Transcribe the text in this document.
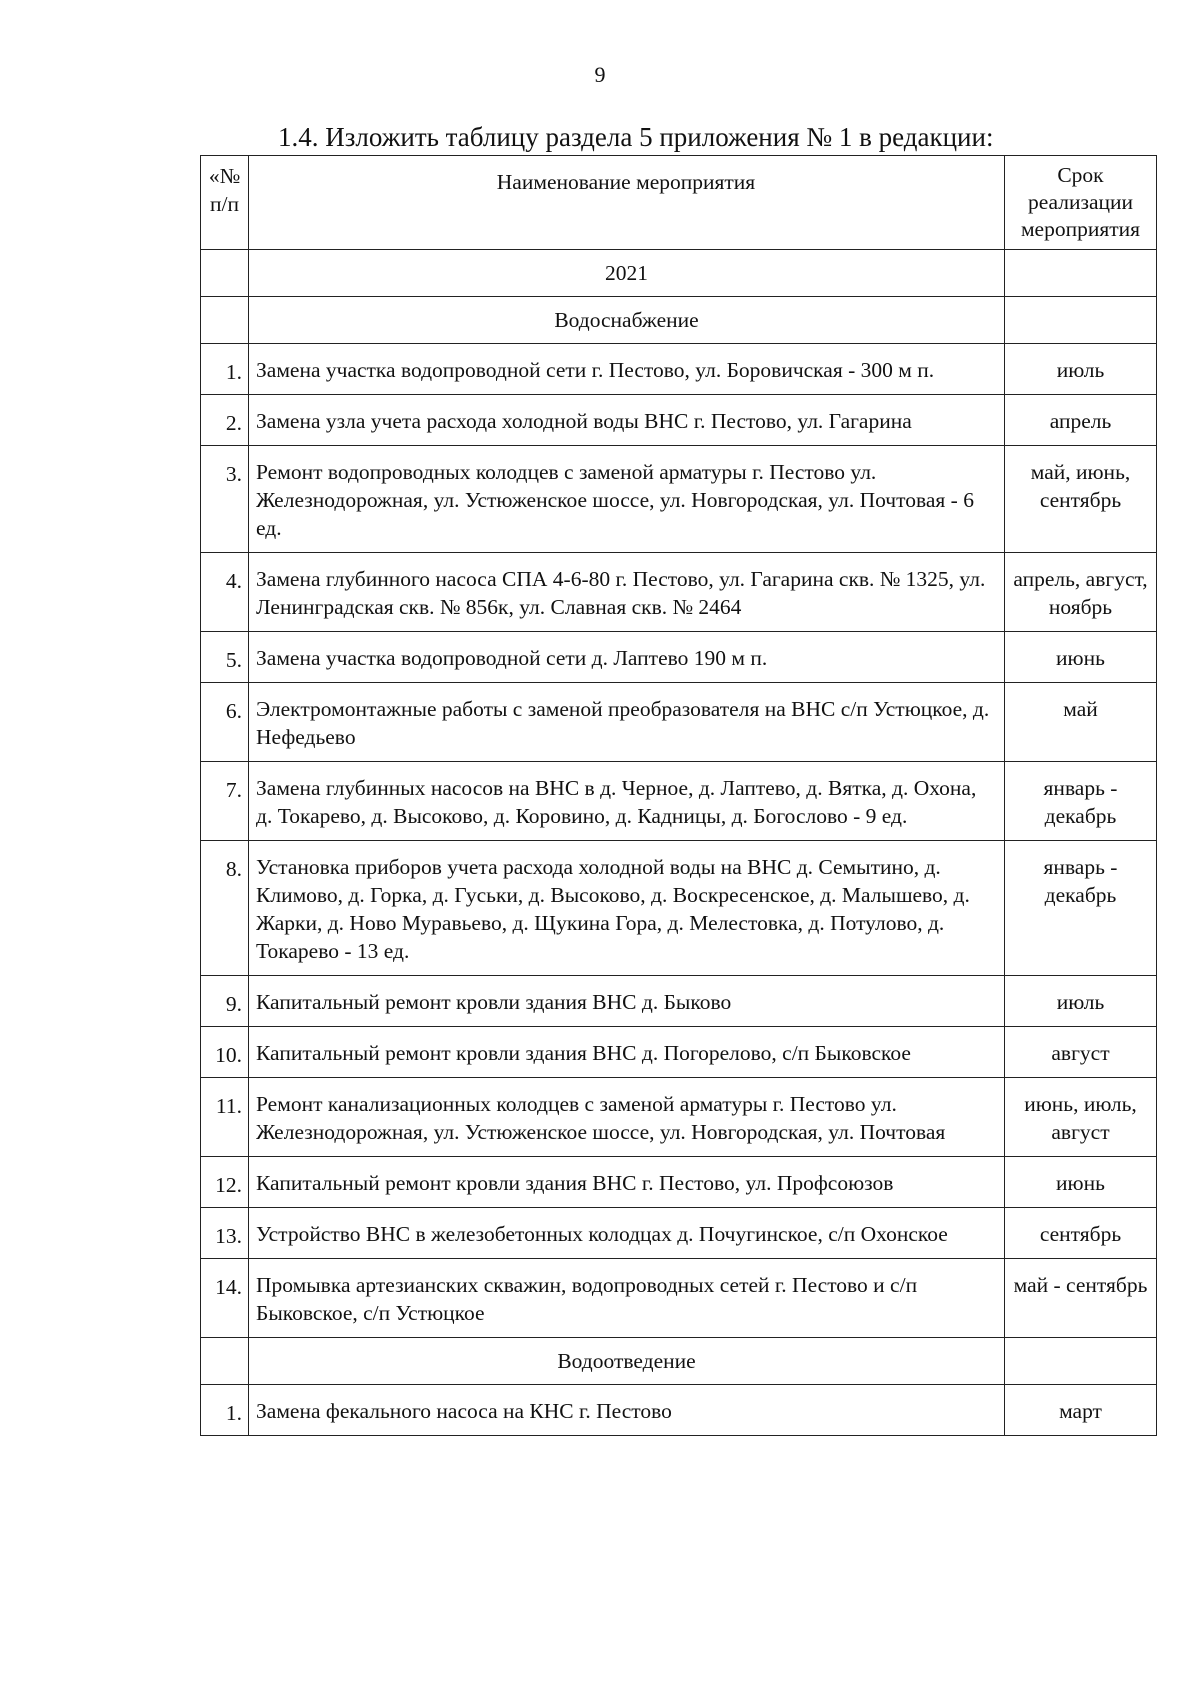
9
1.4. Изложить таблицу раздела 5 приложения № 1 в редакции:
«№ п/п	Наименование мероприятия	Срок реализации мероприятия
	2021	
	Водоснабжение	
1.	Замена участка водопроводной сети г. Пестово, ул. Боровичская - 300 м п.	июль
2.	Замена узла учета расхода холодной воды ВНС г. Пестово, ул. Гагарина	апрель
3.	Ремонт водопроводных колодцев с заменой арматуры г. Пестово ул. Железнодорожная, ул. Устюженское шоссе, ул. Новгородская, ул. Почтовая - 6 ед.	май, июнь, сентябрь
4.	Замена глубинного насоса СПА 4-6-80 г. Пестово, ул. Гагарина скв. № 1325, ул. Ленинградская скв. № 856к, ул. Славная скв. № 2464	апрель, август, ноябрь
5.	Замена участка водопроводной сети д. Лаптево 190 м п.	июнь
6.	Электромонтажные работы с заменой преобразователя на ВНС с/п Устюцкое, д. Нефедьево	май
7.	Замена глубинных насосов на ВНС в д. Черное, д. Лаптево, д. Вятка, д. Охона, д. Токарево, д. Высоково, д. Коровино, д. Кадницы, д. Богослово - 9 ед.	январь - декабрь
8.	Установка приборов учета расхода холодной воды на ВНС д. Семытино, д. Климово, д. Горка, д. Гуськи, д. Высоково, д. Воскресенское, д. Малышево, д. Жарки, д. Ново Муравьево, д. Щукина Гора, д. Мелестовка, д. Потулово, д. Токарево - 13 ед.	январь - декабрь
9.	Капитальный ремонт кровли здания ВНС д. Быково	июль
10.	Капитальный ремонт кровли здания ВНС д. Погорелово, с/п Быковское	август
11.	Ремонт канализационных колодцев с заменой арматуры г. Пестово ул. Железнодорожная, ул. Устюженское шоссе, ул. Новгородская, ул. Почтовая	июнь, июль, август
12.	Капитальный ремонт кровли здания ВНС г. Пестово, ул. Профсоюзов	июнь
13.	Устройство ВНС в железобетонных колодцах д. Почугинское, с/п Охонское	сентябрь
14.	Промывка артезианских скважин, водопроводных сетей г. Пестово и с/п Быковское, с/п Устюцкое	май - сентябрь
	Водоотведение	
1.	Замена фекального насоса на КНС г. Пестово	март
